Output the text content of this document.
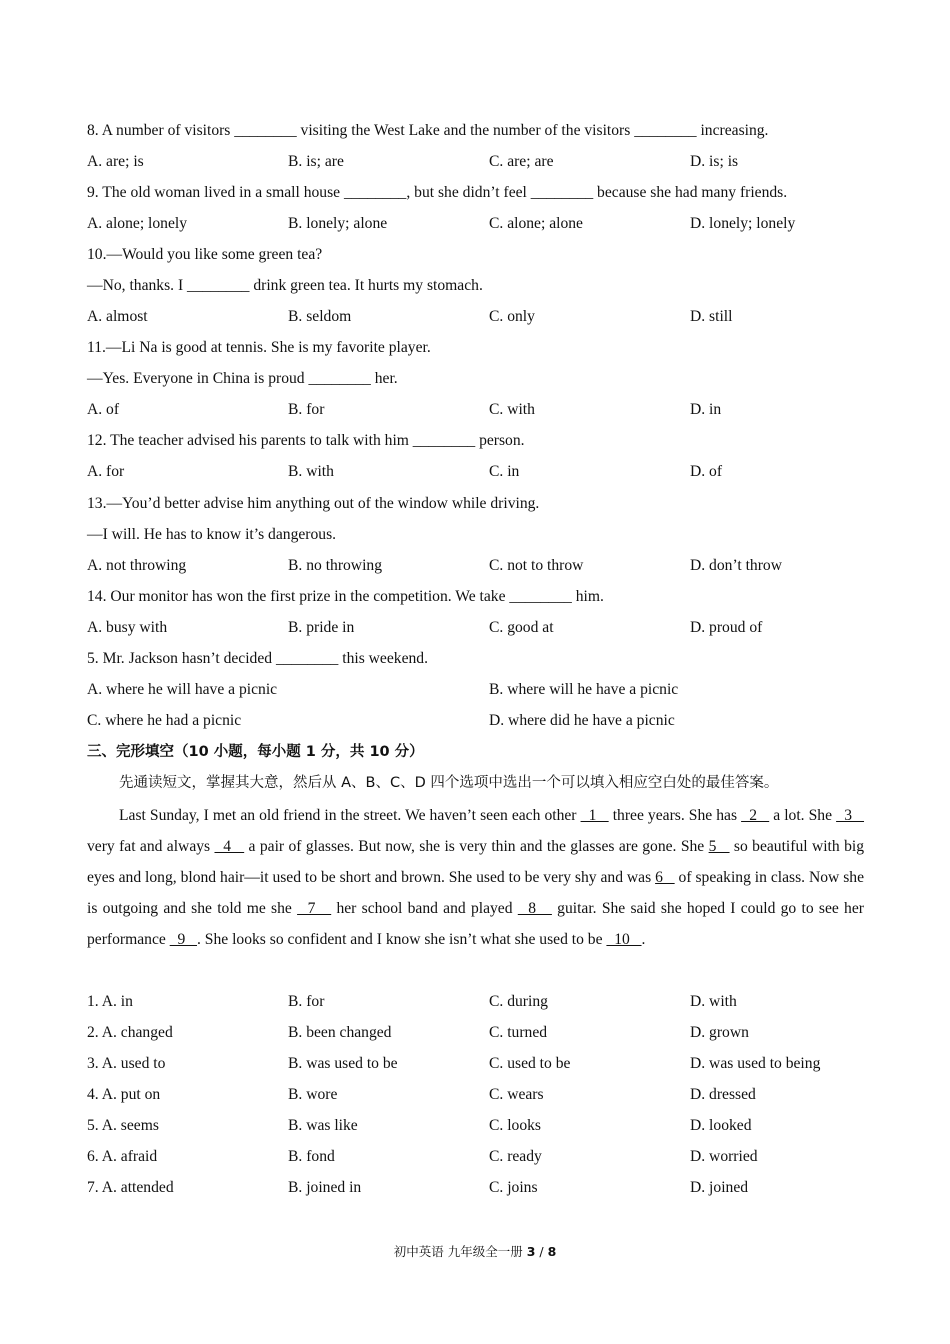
8. A number of visitors ________ visiting the West Lake and the number of the visitors ________ increasing.
A. are; is	B. is; are	C. are; are	D. is; is
9. The old woman lived in a small house ________, but she didn’t feel ________ because she had many friends.
A. alone; lonely	B. lonely; alone	C. alone; alone	D. lonely; lonely
10.—Would you like some green tea?
—No, thanks. I ________ drink green tea. It hurts my stomach.
A. almost	B. seldom	C. only	D. still
11.—Li Na is good at tennis. She is my favorite player.
—Yes. Everyone in China is proud ________ her.
A. of	B. for	C. with	D. in
12. The teacher advised his parents to talk with him ________ person.
A. for	B. with	C. in	D. of
13.—You’d better advise him anything out of the window while driving.
—I will. He has to know it’s dangerous.
A. not throwing	B. no throwing	C. not to throw	D. don’t throw
14. Our monitor has won the first prize in the competition. We take ________ him.
A. busy with	B. pride in	C. good at	D. proud of
5. Mr. Jackson hasn’t decided ________ this weekend.
A. where he will have a picnic	B. where will he have a picnic
C. where he had a picnic	D. where did he have a picnic
三、完形填空（10 小题，每小题 1 分，共 10 分）
先通读短文，掌握其大意，然后从 A、B、C、D 四个选项中选出一个可以填入相应空白处的最佳答案。
Last Sunday, I met an old friend in the street. We haven’t seen each other   1    three years. She has   2    a lot. She   3    very fat and always   4    a pair of glasses. But now, she is very thin and the glasses are gone. She 5    so beautiful with big eyes and long, blond hair—it used to be short and brown. She used to be very shy and was 6    of speaking in class. Now she is outgoing and she told me she   7    her school band and played   8    guitar. She said she hoped I could go to see her performance   9   . She looks so confident and I know she isn’t what she used to be   10   .
1. A. in	B. for	C. during	D. with
2. A. changed	B. been changed	C. turned	D. grown
3. A. used to	B. was used to be	C. used to be	D. was used to being
4. A. put on	B. wore	C. wears	D. dressed
5. A. seems	B. was like	C. looks	D. looked
6. A. afraid	B. fond	C. ready	D. worried
7. A. attended	B. joined in	C. joins	D. joined
初中英语 九年级全一册 3 / 8
